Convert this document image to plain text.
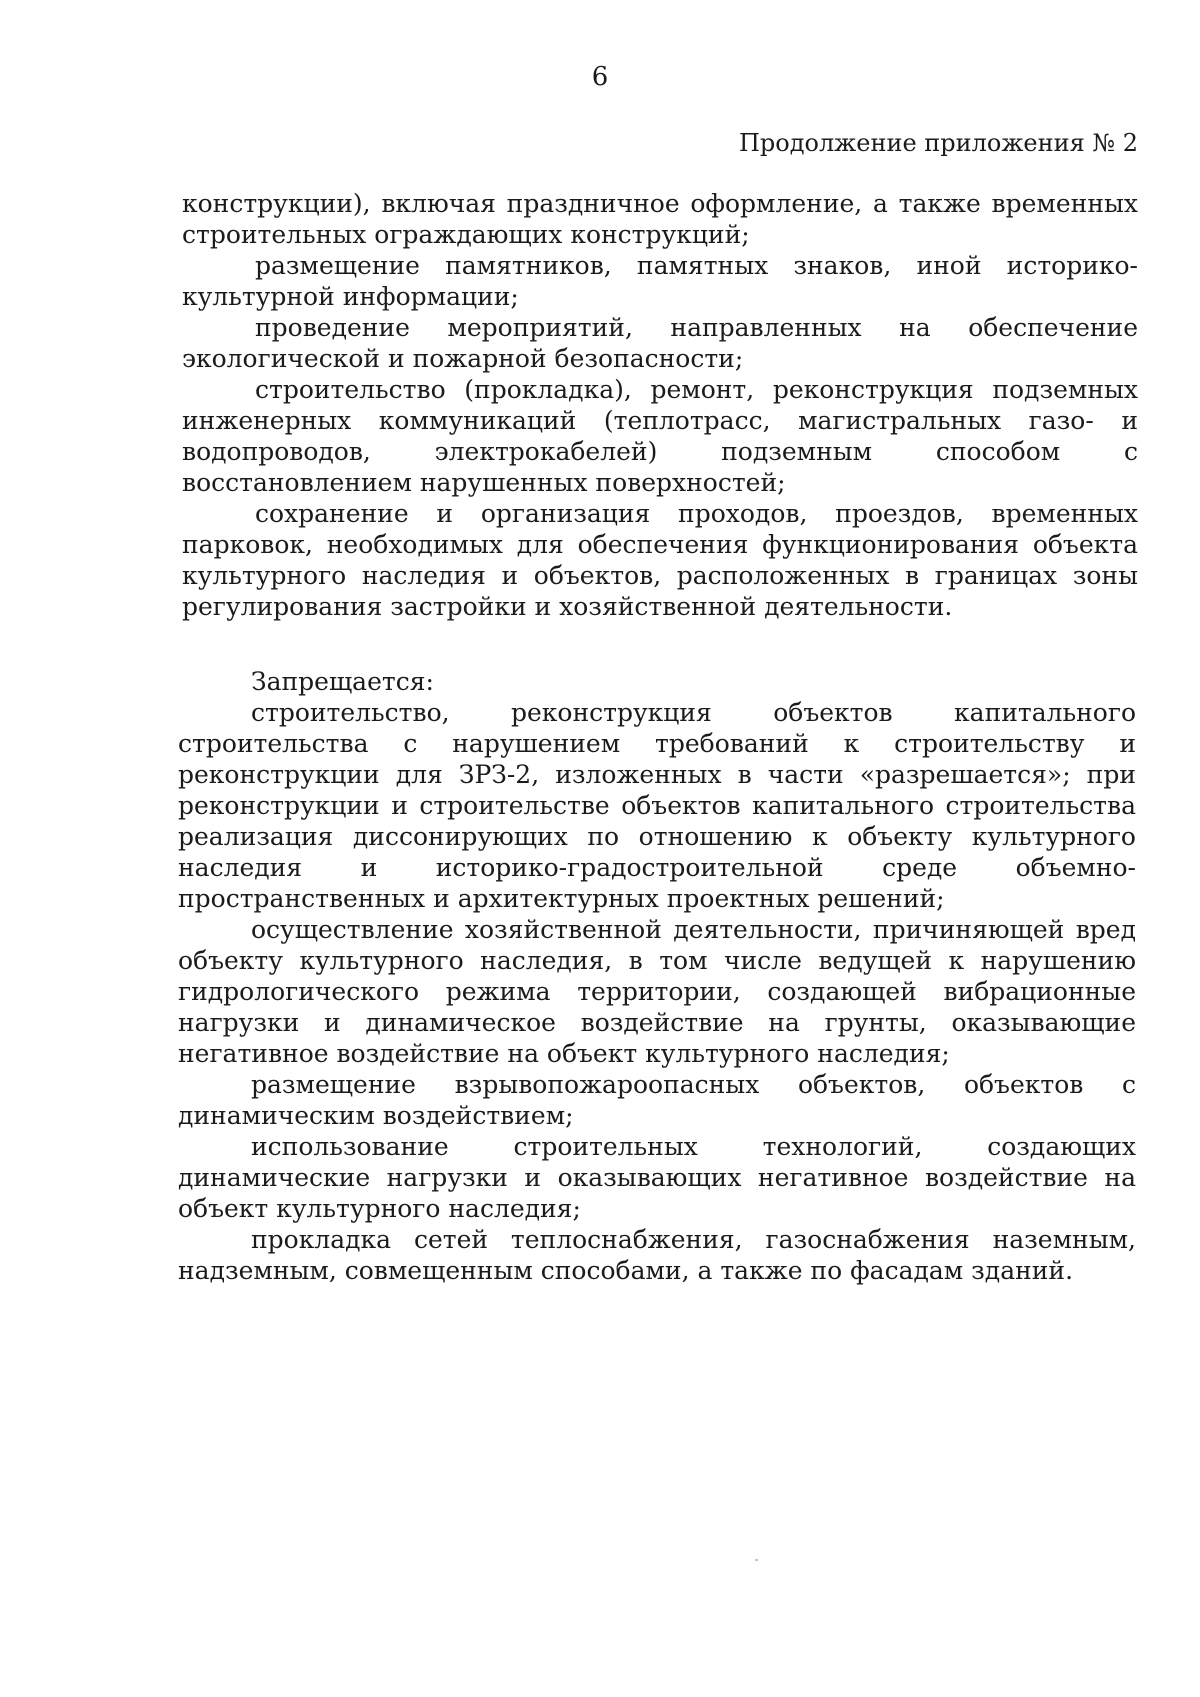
6
Продолжение приложения № 2

конструкции), включая праздничное оформление, а также временных строительных ограждающих конструкций;

размещение памятников, памятных знаков, иной историко-культурной информации;

проведение мероприятий, направленных на обеспечение экологической и пожарной безопасности;

строительство (прокладка), ремонт, реконструкция подземных инженерных коммуникаций (теплотрасс, магистральных газо- и водопроводов, электрокабелей) подземным способом с восстановлением нарушенных поверхностей;

сохранение и организация проходов, проездов, временных парковок, необходимых для обеспечения функционирования объекта культурного наследия и объектов, расположенных в границах зоны регулирования застройки и хозяйственной деятельности.

Запрещается:

строительство, реконструкция объектов капитального строительства с нарушением требований к строительству и реконструкции для ЗРЗ-2, изложенных в части «разрешается»; при реконструкции и строительстве объектов капитального строительства реализация диссонирующих по отношению к объекту культурного наследия и историко-градостроительной среде объемно-пространственных и архитектурных проектных решений;

осуществление хозяйственной деятельности, причиняющей вред объекту культурного наследия, в том числе ведущей к нарушению гидрологического режима территории, создающей вибрационные нагрузки и динамическое воздействие на грунты, оказывающие негативное воздействие на объект культурного наследия;

размещение взрывопожароопасных объектов, объектов с динамическим воздействием;

использование строительных технологий, создающих динамические нагрузки и оказывающих негативное воздействие на объект культурного наследия;

прокладка сетей теплоснабжения, газоснабжения наземным, надземным, совмещенным способами, а также по фасадам зданий.
